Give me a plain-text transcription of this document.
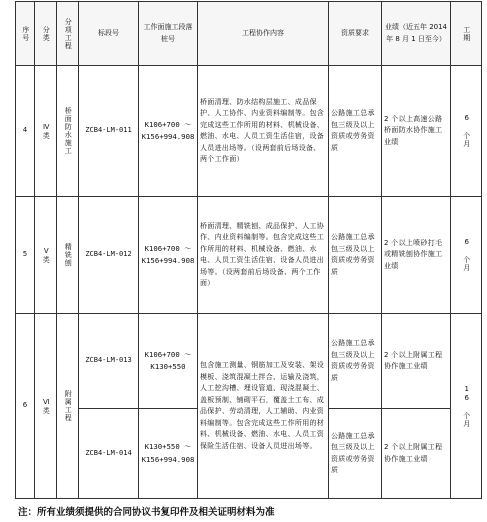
序号	分类	分项工程	标段号	工作面施工段落桩号	工程协作内容	资质要求	业绩（近五年 2014 年 8 月 1 日至今）	工期

4	Ⅳ类	桥面防水施工	ZCB4-LM-011	K106+700 ～ K156+994.908	桥面清理、防水结构层施工、成品保护、人工协作、内业资料编制等。包含完成这些工作所用的材料、机械设备、燃油、水电、人员工资生活住宿，设备人员进出场等。（设两套前后场设备、两个工作面）	公路施工总承包三级及以上资质或劳务资质	2 个以上高速公路桥面防水协作施工业绩	6 个月

5	Ⅴ类	精铣刨	ZCB4-LM-012	K106+700 ～ K156+994.908	桥面清理、精铣刨、成品保护、人工协作、内业资料编制等。包含完成这些工作所用的材料、机械设备、燃油、水电、人员工资生活住宿、设备人员进出场等。（设两套前后场设备、两个工作面）	公路施工总承包三级及以上资质或劳务资质	2 个以上喷砂打毛或精铣刨协作施工业绩	6 个月

6	Ⅵ类	附属工程	ZCB4-LM-013	K106+700 ～ K130+550	包含施工测量、钢筋加工及安装、架设模板、浇筑混凝土拌合、运输及浇筑，人工挖沟槽、埋设管道、现浇混凝土、盖板预制、铺砌平石，覆盖土工布、成品保护、劳动清理，人工辅助、内业资料编制等。包含完成这些工作所用的材料、机械设备、燃油、水电、人员工资保险生活住宿、设备人员进出场等。	公路施工总承包三级及以上资质或劳务资质	2 个以上附属工程协作施工业绩	16 个月

			ZCB4-LM-014	K130+550 ～ K156+994.908		公路施工总承包三级及以上资质或劳务资质	2 个以上附属工程协作施工业绩	
注：所有业绩须提供的合同协议书复印件及相关证明材料为准
